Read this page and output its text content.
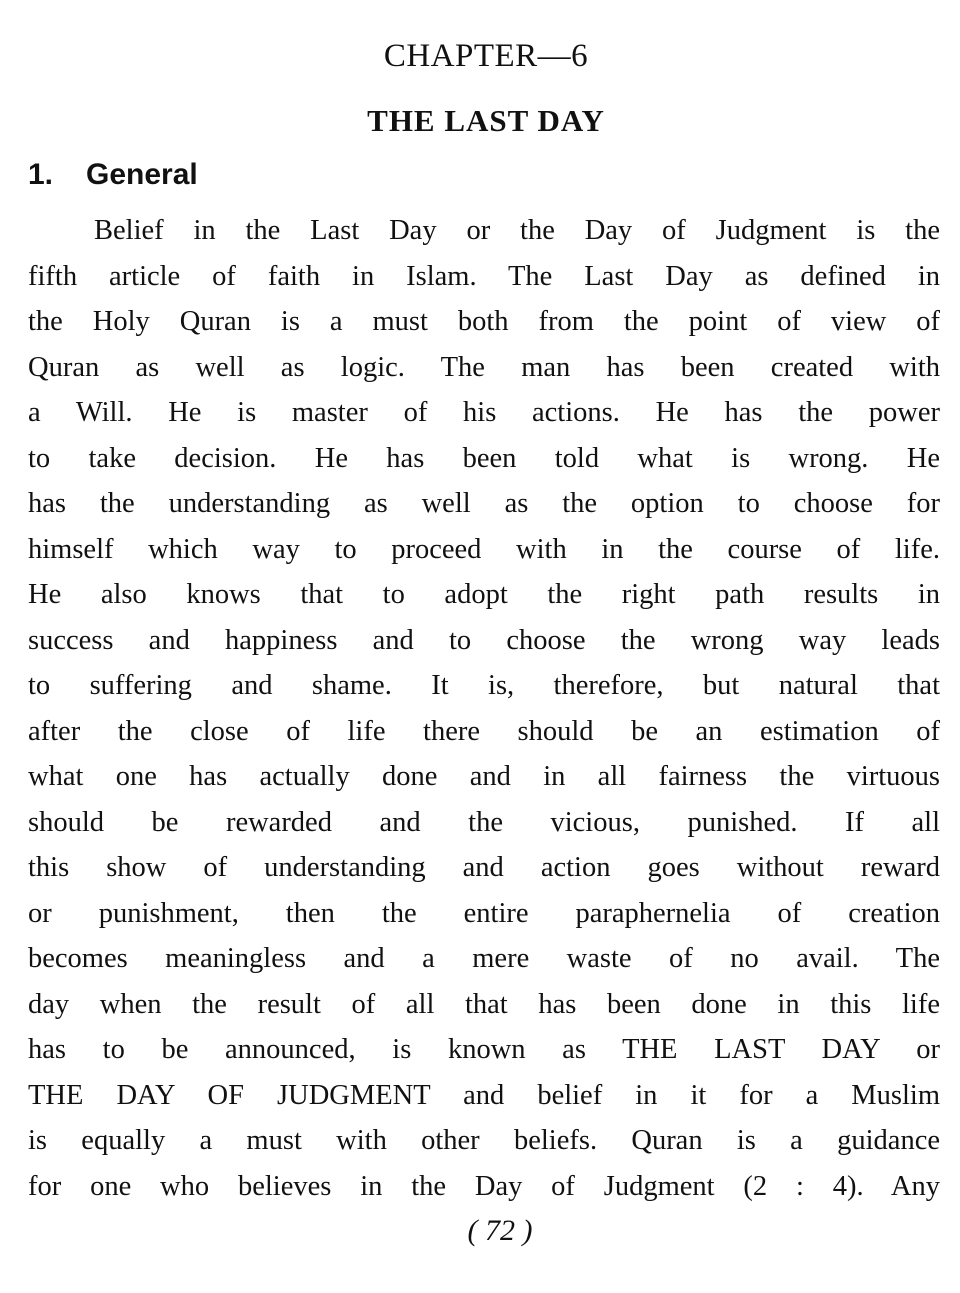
CHAPTER—6
THE LAST DAY
1. General
Belief in the Last Day or the Day of Judgment is the
fifth article of faith in Islam. The Last Day as defined in
the Holy Quran is a must both from the point of view of
Quran as well as logic. The man has been created with
a Will. He is master of his actions. He has the power
to take decision. He has been told what is wrong. He
has the understanding as well as the option to choose for
himself which way to proceed with in the course of life.
He also knows that to adopt the right path results in
success and happiness and to choose the wrong way leads
to suffering and shame. It is, therefore, but natural that
after the close of life there should be an estimation of
what one has actually done and in all fairness the virtuous
should be rewarded and the vicious, punished. If all
this show of understanding and action goes without reward
or punishment, then the entire paraphernelia of creation
becomes meaningless and a mere waste of no avail. The
day when the result of all that has been done in this life
has to be announced, is known as THE LAST DAY or
THE DAY OF JUDGMENT and belief in it for a Muslim
is equally a must with other beliefs. Quran is a guidance
for one who believes in the Day of Judgment (2 : 4). Any
( 72 )
